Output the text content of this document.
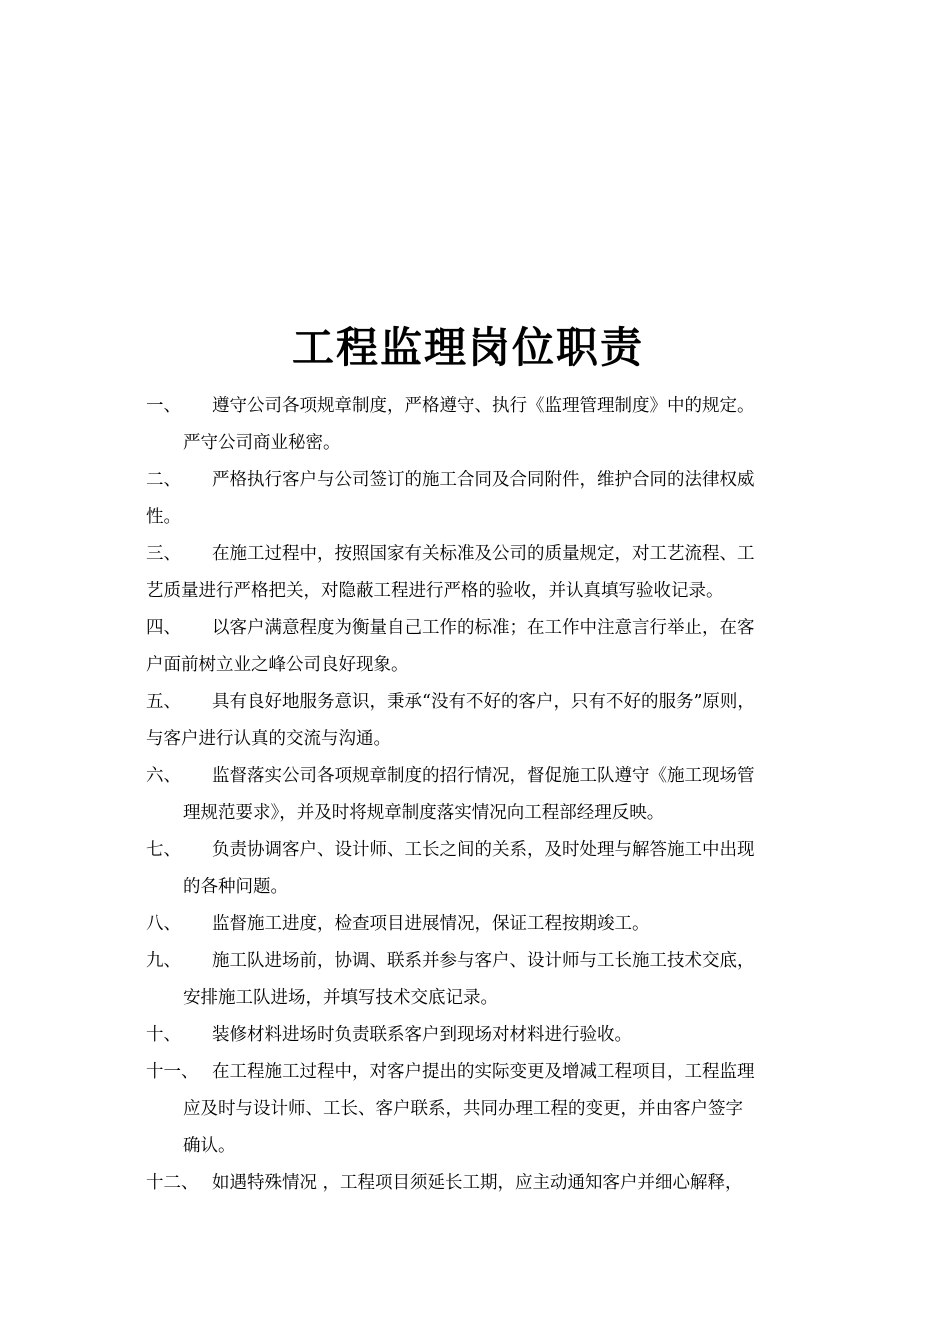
工程监理岗位职责
一、 遵守公司各项规章制度，严格遵守、执行《监理管理制度》中的规定。
严守公司商业秘密。
二、 严格执行客户与公司签订的施工合同及合同附件，维护合同的法律权威
性。
三、 在施工过程中，按照国家有关标准及公司的质量规定，对工艺流程、工
艺质量进行严格把关，对隐蔽工程进行严格的验收，并认真填写验收记录。
四、 以客户满意程度为衡量自己工作的标准；在工作中注意言行举止，在客
户面前树立业之峰公司良好现象。
五、 具有良好地服务意识，秉承“没有不好的客户，只有不好的服务”原则，
与客户进行认真的交流与沟通。
六、 监督落实公司各项规章制度的招行情况，督促施工队遵守《施工现场管
理规范要求》，并及时将规章制度落实情况向工程部经理反映。
七、 负责协调客户、设计师、工长之间的关系，及时处理与解答施工中出现
的各种问题。
八、 监督施工进度，检查项目进展情况，保证工程按期竣工。
九、 施工队进场前，协调、联系并参与客户、设计师与工长施工技术交底，
安排施工队进场，并填写技术交底记录。
十、 装修材料进场时负责联系客户到现场对材料进行验收。
十一、 在工程施工过程中，对客户提出的实际变更及增减工程项目，工程监理
应及时与设计师、工长、客户联系，共同办理工程的变更，并由客户签字
确认。
十二、 如遇特殊情况 ，工程项目须延长工期，应主动通知客户并细心解释，
